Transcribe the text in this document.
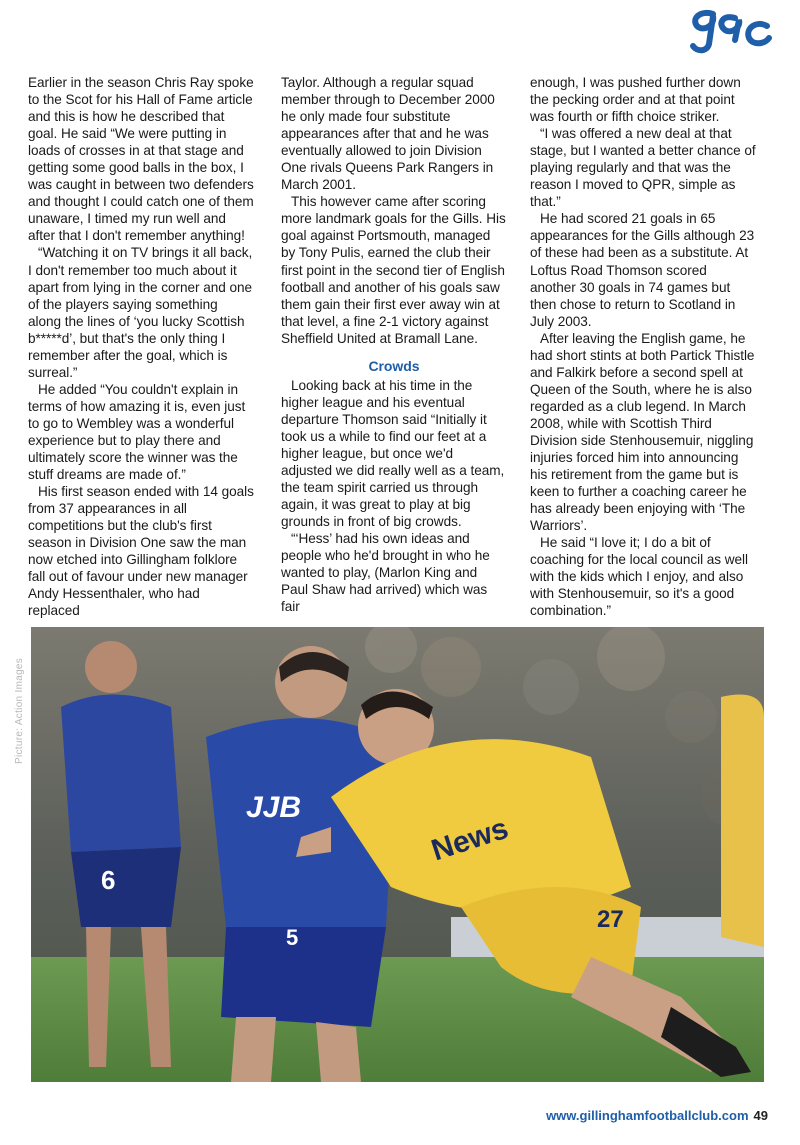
gfc

Earlier in the season Chris Ray spoke to the Scot for his Hall of Fame article and this is how he described that goal. He said “We were putting in loads of crosses in at that stage and getting some good balls in the box, I was caught in between two defenders and thought I could catch one of them unaware, I timed my run well and after that I don't remember anything!

“Watching it on TV brings it all back, I don't remember too much about it apart from lying in the corner and one of the players saying something along the lines of ‘you lucky Scottish b*****d’, but that's the only thing I remember after the goal, which is surreal.”

He added “You couldn't explain in terms of how amazing it is, even just to go to Wembley was a wonderful experience but to play there and ultimately score the winner was the stuff dreams are made of.”

His first season ended with 14 goals from 37 appearances in all competitions but the club's first season in Division One saw the man now etched into Gillingham folklore fall out of favour under new manager Andy Hessenthaler, who had replaced

Taylor. Although a regular squad member through to December 2000 he only made four substitute appearances after that and he was eventually allowed to join Division One rivals Queens Park Rangers in March 2001.

This however came after scoring more landmark goals for the Gills. His goal against Portsmouth, managed by Tony Pulis, earned the club their first point in the second tier of English football and another of his goals saw them gain their first ever away win at that level, a fine 2-1 victory against Sheffield United at Bramall Lane.

Crowds

Looking back at his time in the higher league and his eventual departure Thomson said “Initially it took us a while to find our feet at a higher league, but once we'd adjusted we did really well as a team, the team spirit carried us through again, it was great to play at big grounds in front of big crowds.

“‘Hess’ had his own ideas and people who he'd brought in who he wanted to play, (Marlon King and Paul Shaw had arrived) which was fair

enough, I was pushed further down the pecking order and at that point was fourth or fifth choice striker.

“I was offered a new deal at that stage, but I wanted a better chance of playing regularly and that was the reason I moved to QPR, simple as that.”

He had scored 21 goals in 65 appearances for the Gills although 23 of these had been as a substitute. At Loftus Road Thomson scored another 30 goals in 74 games but then chose to return to Scotland in July 2003.

After leaving the English game, he had short stints at both Partick Thistle and Falkirk before a second spell at Queen of the South, where he is also regarded as a club legend. In March 2008, while with Scottish Third Division side Stenhousemuir, niggling injuries forced him into announcing his retirement from the game but is keen to further a coaching career he has already been enjoying with ‘The Warriors’.

He said “I love it; I do a bit of coaching for the local council as well with the kids which I enjoy, and also with Stenhousemuir, so it's a good combination.”

Picture: Action Images
6
JJB
5
News
27
www.gillinghamfootballclub.com 49
